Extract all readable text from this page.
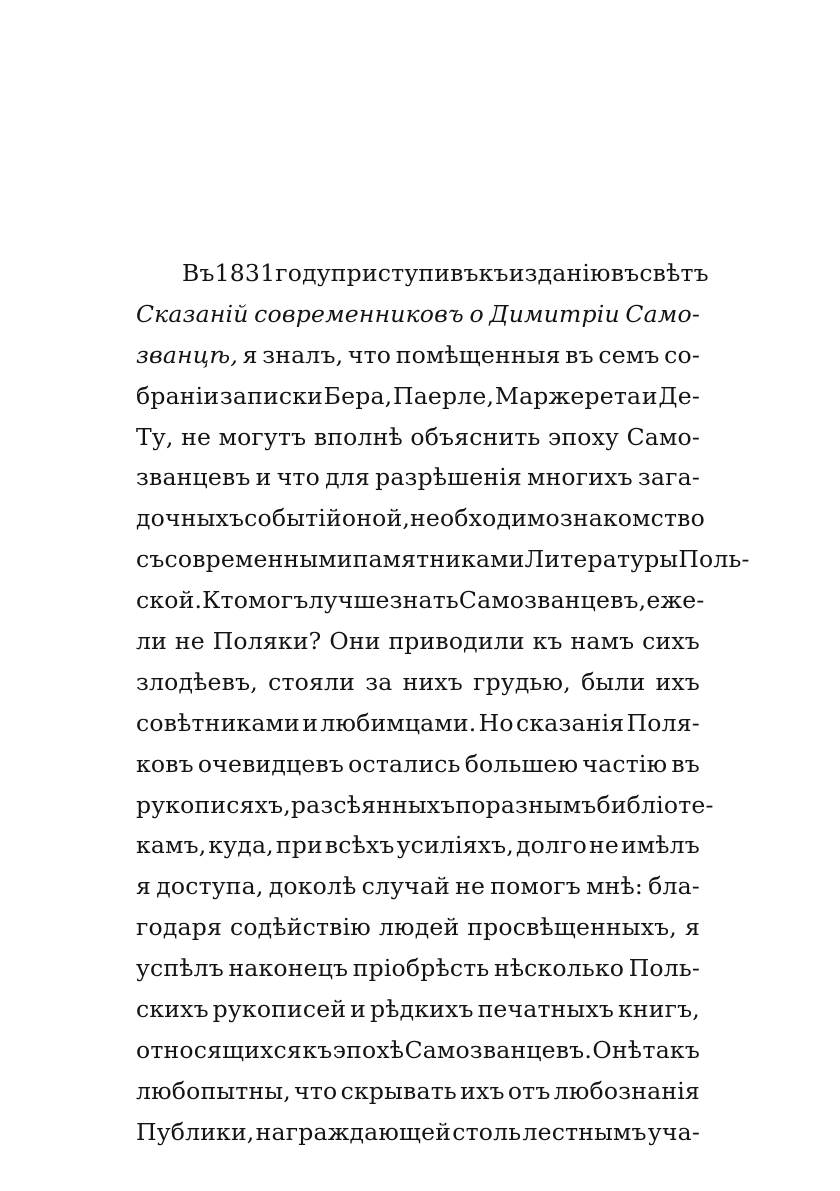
Въ 1831 году приступивъ къ изданію въ свѣтъ
Сказаній современниковъ о Димитріи Само-
званцѣ, я зналъ, что помѣщенныя въ семъ со-
браніи записки Бера, Паерле, Маржерета и Де-
Ту, не могутъ вполнѣ объяснить эпоху Само-
званцевъ и что для разрѣшенія многихъ зага-
дочныхъ событій оной, необходимо знакомство
съ современными памятниками Литературы Поль-
ской. Кто могъ лучше знать Самозванцевъ, еже-
ли не Поляки? Они приводили къ намъ сихъ
злодѣевъ, стояли за нихъ грудью, были ихъ
совѣтниками и любимцами. Но сказанія Поля-
ковъ очевидцевъ остались большею частію въ
рукописяхъ, разсѣянныхъ по разнымъ библіоте-
камъ, куда, при всѣхъ усиліяхъ, долго не имѣлъ
я доступа, доколѣ случай не помогъ мнѣ: бла-
годаря содѣйствію людей просвѣщенныхъ, я
успѣлъ наконецъ пріобрѣсть нѣсколько Поль-
скихъ рукописей и рѣдкихъ печатныхъ книгъ,
относящихся къ эпохѣ Самозванцевъ. Онѣ такъ
любопытны, что скрывать ихъ отъ любознанія
Публики, награждающей столь лестнымъ уча-
